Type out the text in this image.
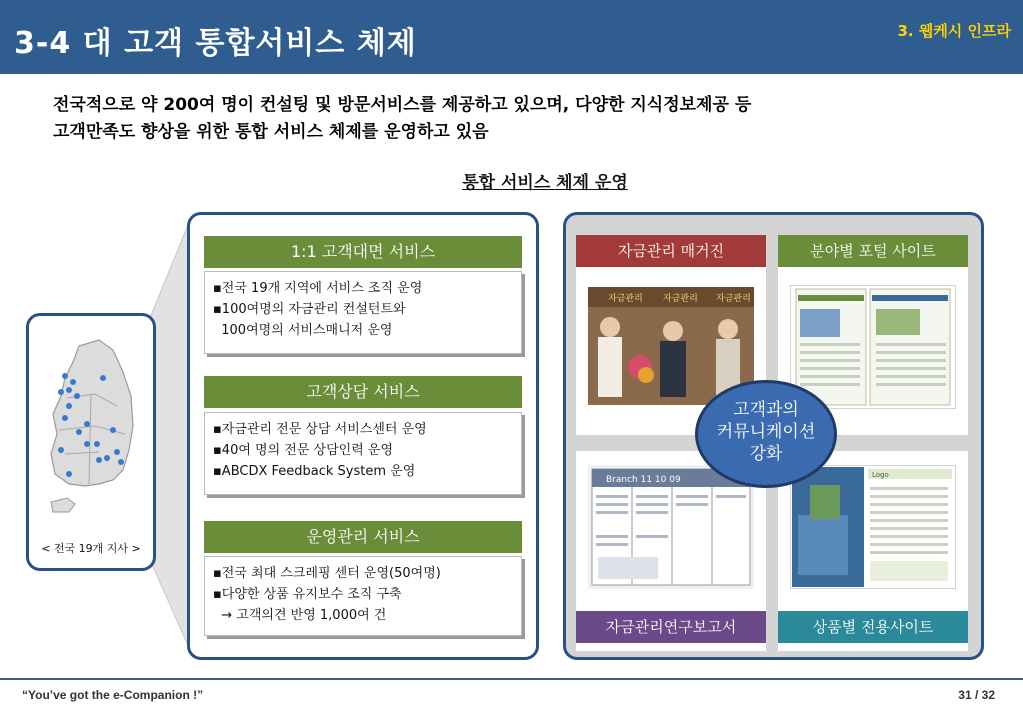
3-4 대 고객 통합서비스 체제	3. 웹케시 인프라
전국적으로 약 200여 명이 컨설팅 및 방문서비스를 제공하고 있으며, 다양한 지식정보제공 등
고객만족도 향상을 위한 통합 서비스 체제를 운영하고 있음
통합 서비스 체제 운영
< 전국 19개 지사 >
1:1 고객대면 서비스
▪전국 19개 지역에 서비스 조직 운영
▪100여명의 자금관리 컨설턴트와
100여명의 서비스매니저 운영
고객상담 서비스
▪자금관리 전문 상담 서비스센터 운영
▪40여 명의 전문 상담인력 운영
▪ABCDX Feedback System 운영
운영관리 서비스
▪전국 최대 스크레핑 센터 운영(50여명)
▪다양한 상품 유지보수 조직 구축
→ 고객의견 반영 1,000여 건
자금관리 매거진
자금관리 자금관리 자금관리
분야별 포털 사이트
Branch 11 10 09
자금관리연구보고서
Logo
상품별 전용사이트
고객과의
커뮤니케이션
강화
“You’ve got the e-Companion !”	31 / 32
